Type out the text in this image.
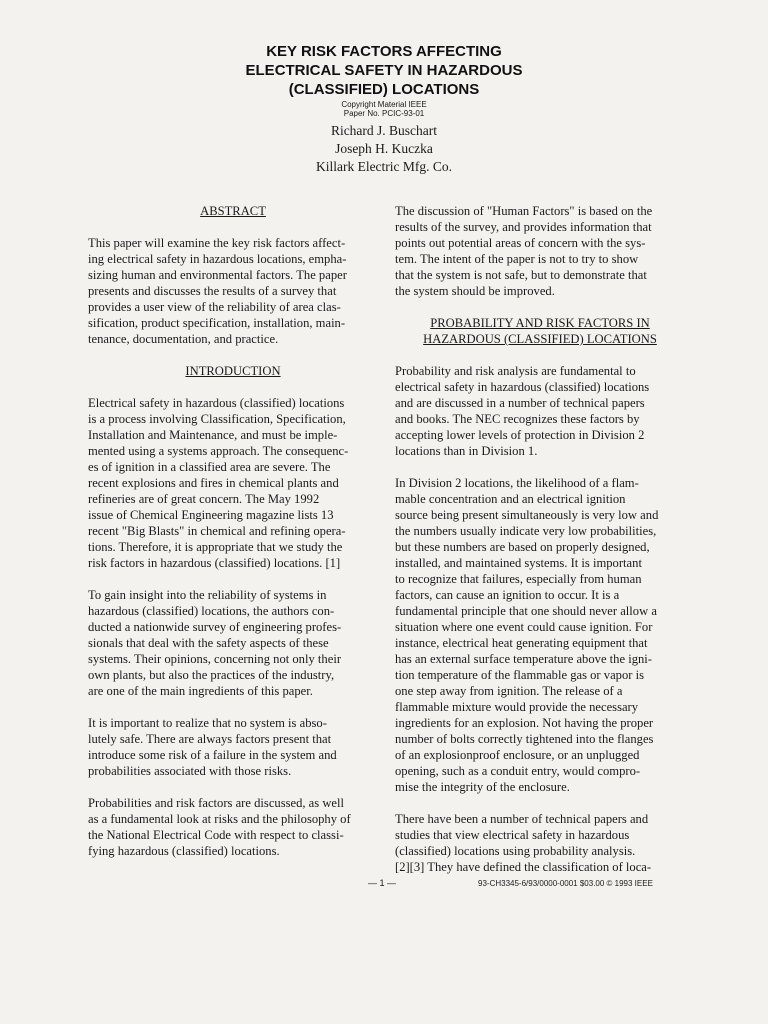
KEY RISK FACTORS AFFECTING
ELECTRICAL SAFETY IN HAZARDOUS
(CLASSIFIED) LOCATIONS
Copyright Material IEEE
Paper No. PCIC-93-01
Richard J. Buschart
Joseph H. Kuczka
Killark Electric Mfg. Co.
ABSTRACT
This paper will examine the key risk factors affect-
ing electrical safety in hazardous locations, empha-
sizing human and environmental factors. The paper
presents and discusses the results of a survey that
provides a user view of the reliability of area clas-
sification, product specification, installation, main-
tenance, documentation, and practice.
INTRODUCTION
Electrical safety in hazardous (classified) locations
is a process involving Classification, Specification,
Installation and Maintenance, and must be imple-
mented using a systems approach. The consequenc-
es of ignition in a classified area are severe. The
recent explosions and fires in chemical plants and
refineries are of great concern. The May 1992
issue of Chemical Engineering magazine lists 13
recent "Big Blasts" in chemical and refining opera-
tions. Therefore, it is appropriate that we study the
risk factors in hazardous (classified) locations. [1]
To gain insight into the reliability of systems in
hazardous (classified) locations, the authors con-
ducted a nationwide survey of engineering profes-
sionals that deal with the safety aspects of these
systems. Their opinions, concerning not only their
own plants, but also the practices of the industry,
are one of the main ingredients of this paper.
It is important to realize that no system is abso-
lutely safe. There are always factors present that
introduce some risk of a failure in the system and
probabilities associated with those risks.
Probabilities and risk factors are discussed, as well
as a fundamental look at risks and the philosophy of
the National Electrical Code with respect to classi-
fying hazardous (classified) locations.
The discussion of "Human Factors" is based on the
results of the survey, and provides information that
points out potential areas of concern with the sys-
tem. The intent of the paper is not to try to show
that the system is not safe, but to demonstrate that
the system should be improved.
PROBABILITY AND RISK FACTORS IN
HAZARDOUS (CLASSIFIED) LOCATIONS
Probability and risk analysis are fundamental to
electrical safety in hazardous (classified) locations
and are discussed in a number of technical papers
and books. The NEC recognizes these factors by
accepting lower levels of protection in Division 2
locations than in Division 1.
In Division 2 locations, the likelihood of a flam-
mable concentration and an electrical ignition
source being present simultaneously is very low and
the numbers usually indicate very low probabilities,
but these numbers are based on properly designed,
installed, and maintained systems. It is important
to recognize that failures, especially from human
factors, can cause an ignition to occur. It is a
fundamental principle that one should never allow a
situation where one event could cause ignition. For
instance, electrical heat generating equipment that
has an external surface temperature above the igni-
tion temperature of the flammable gas or vapor is
one step away from ignition. The release of a
flammable mixture would provide the necessary
ingredients for an explosion. Not having the proper
number of bolts correctly tightened into the flanges
of an explosionproof enclosure, or an unplugged
opening, such as a conduit entry, would compro-
mise the integrity of the enclosure.
There have been a number of technical papers and
studies that view electrical safety in hazardous
(classified) locations using probability analysis.
[2][3] They have defined the classification of loca-
— 1 —	93-CH3345-6/93/0000-0001 $03.00 © 1993 IEEE
